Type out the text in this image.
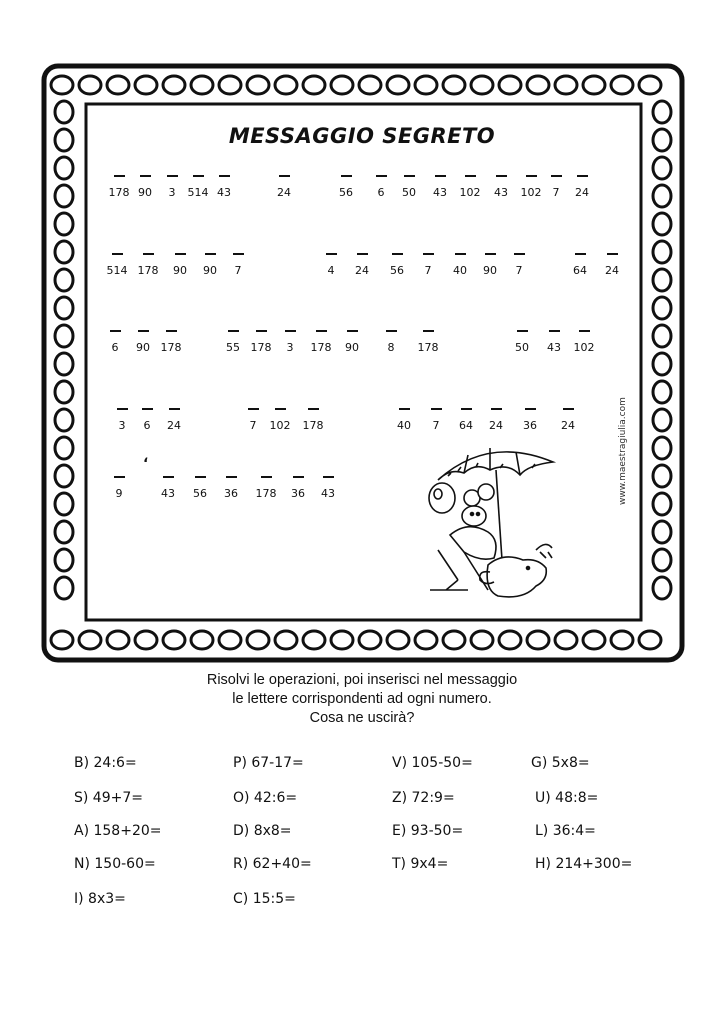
MESSAGGIO SEGRETO
178 90	3	514 43	24	56	6	50	43	102	43	102	7	24
514 178	90	90	7	4	24	56	7	40	90	7	64	24
6	90 178	55 178	3	178	90	8	178	50	43	102
3	6	24	7	102	178	40	7	64	24	36	24
9	43	56	36	178	36	43
‘	www.maestragiulia.com
Risolvi le operazioni, poi inserisci nel messaggio
le lettere corrispondenti ad ogni numero.
Cosa ne uscirà?
B) 24:6=	P) 67-17=	V) 105-50=	G) 5x8=
S) 49+7=	O) 42:6=	Z) 72:9=	U) 48:8=
A) 158+20=	D) 8x8=	E) 93-50=	L) 36:4=
N) 150-60=	R) 62+40=	T) 9x4=	H) 214+300=
I) 8x3=	C) 15:5=
